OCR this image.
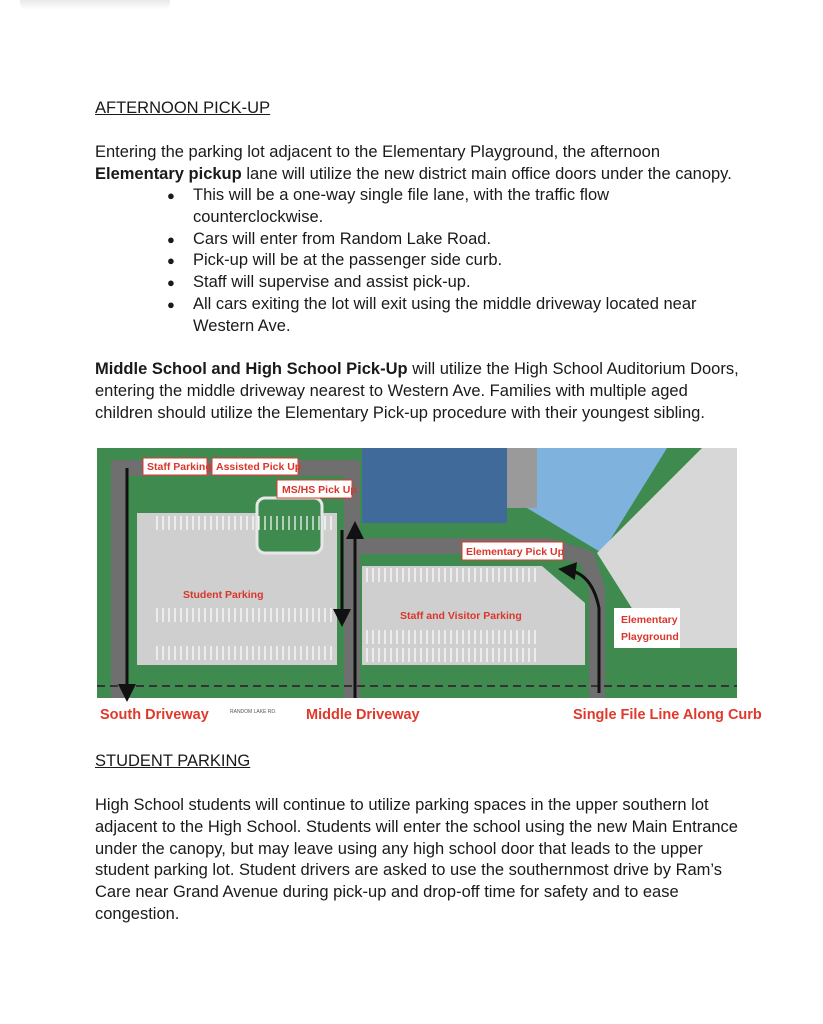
AFTERNOON PICK-UP
Entering the parking lot adjacent to the Elementary Playground, the afternoon
Elementary pickup lane will utilize the new district main office doors under the canopy.
● This will be a one-way single file lane, with the traffic flow counterclockwise.
● Cars will enter from Random Lake Road.
● Pick-up will be at the passenger side curb.
● Staff will supervise and assist pick-up.
● All cars exiting the lot will exit using the middle driveway located near Western Ave.
Middle School and High School Pick-Up will utilize the High School Auditorium Doors, entering the middle driveway nearest to Western Ave. Families with multiple aged children should utilize the Elementary Pick-up procedure with their youngest sibling.
Staff Parking Assisted Pick Up
MS/HS Pick Up
Elementary Pick Up
Student Parking
Staff and Visitor Parking	Elementary
Playground
South Driveway	RANDOM LAKE RD. Middle Driveway	Single File Line Along Curb
STUDENT PARKING
High School students will continue to utilize parking spaces in the upper southern lot adjacent to the High School. Students will enter the school using the new Main Entrance under the canopy, but may leave using any high school door that leads to the upper student parking lot. Student drivers are asked to use the southernmost drive by Ram’s Care near Grand Avenue during pick-up and drop-off time for safety and to ease congestion.
